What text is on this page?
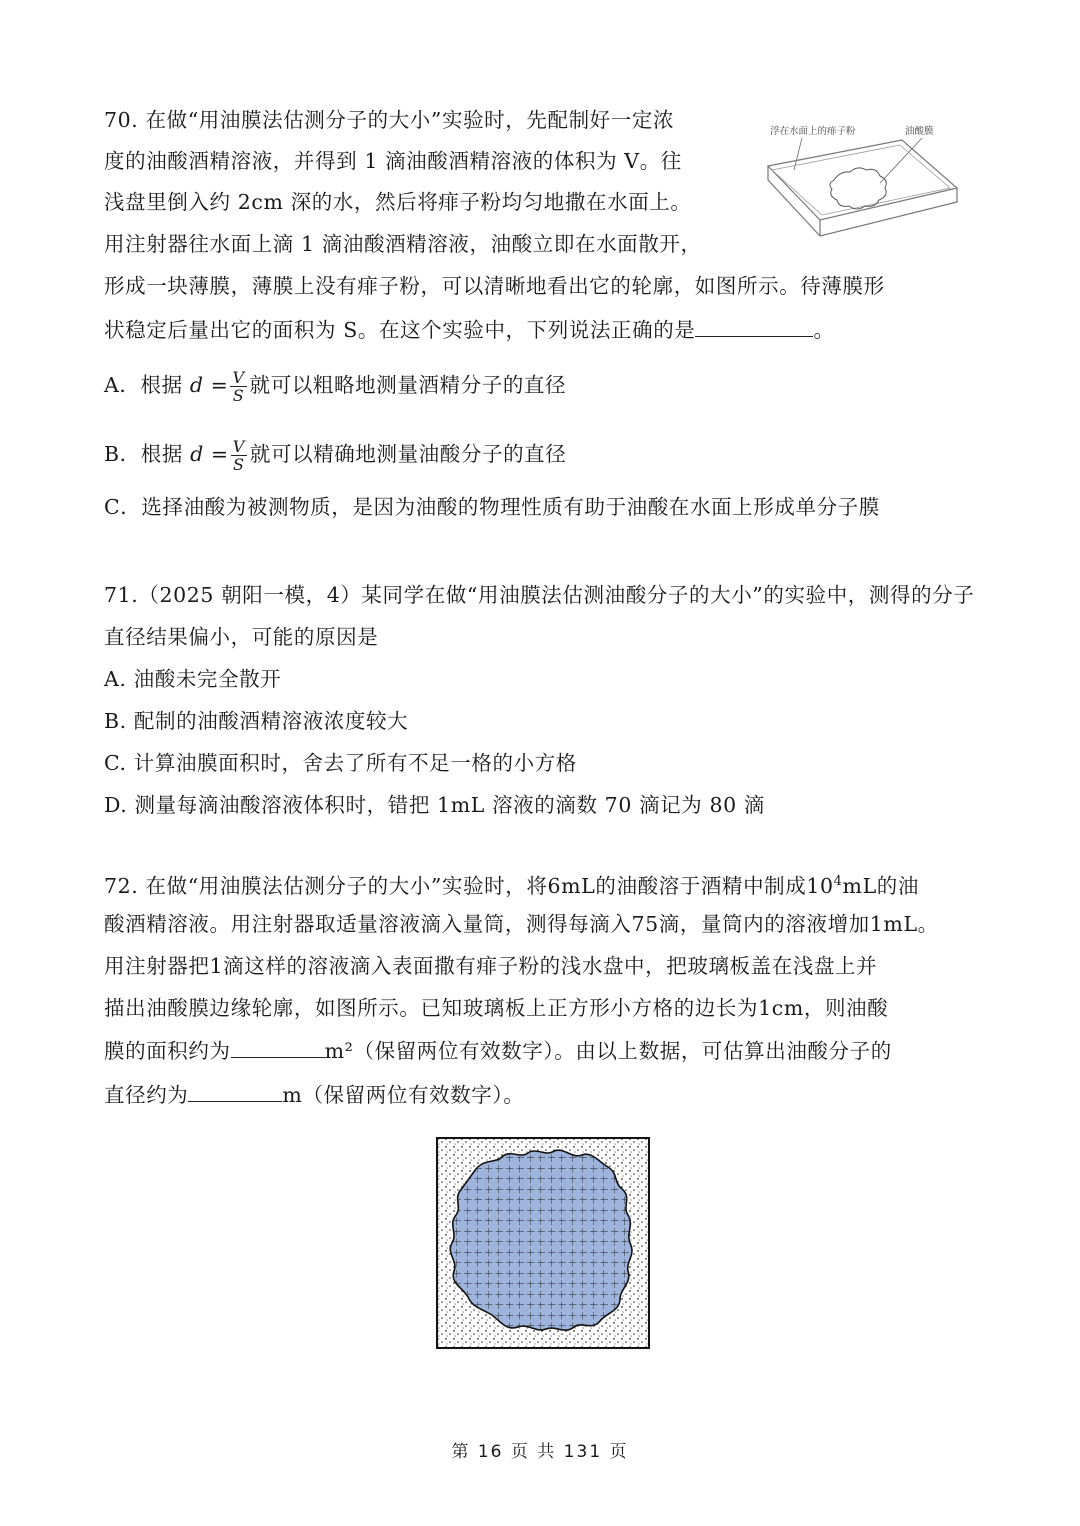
70. 在做“用油膜法估测分子的大小”实验时，先配制好一定浓
度的油酸酒精溶液，并得到 1 滴油酸酒精溶液的体积为 V。往
浅盘里倒入约 2cm 深的水，然后将痱子粉均匀地撒在水面上。
用注射器往水面上滴 1 滴油酸酒精溶液，油酸立即在水面散开，
形成一块薄膜，薄膜上没有痱子粉，可以清晰地看出它的轮廓，如图所示。待薄膜形
状稳定后量出它的面积为 S。在这个实验中，下列说法正确的是	。
浮在水面上的痱子粉	油酸膜
A．根据 $d = \frac{V}{S}$ 就可以粗略地测量酒精分子的直径
B．根据 $d = \frac{V}{S}$ 就可以精确地测量油酸分子的直径
C．选择油酸为被测物质，是因为油酸的物理性质有助于油酸在水面上形成单分子膜
71.（2025 朝阳一模，4）某同学在做“用油膜法估测油酸分子的大小”的实验中，测得的分子
直径结果偏小，可能的原因是
A. 油酸未完全散开
B. 配制的油酸酒精溶液浓度较大
C. 计算油膜面积时，舍去了所有不足一格的小方格
D. 测量每滴油酸溶液体积时，错把 1mL 溶液的滴数 70 滴记为 80 滴
72. 在做“用油膜法估测分子的大小”实验时，将6mL的油酸溶于酒精中制成$10^4mL$的油
酸酒精溶液。用注射器取适量溶液滴入量筒，测得每滴入75滴，量筒内的溶液增加1mL。
用注射器把1滴这样的溶液滴入表面撒有痱子粉的浅水盘中，把玻璃板盖在浅盘上并
描出油酸膜边缘轮廓，如图所示。已知玻璃板上正方形小方格的边长为1cm，则油酸
膜的面积约为	m²（保留两位有效数字）。由以上数据，可估算出油酸分子的
直径约为	m（保留两位有效数字）。
第 16 页 共 131 页
